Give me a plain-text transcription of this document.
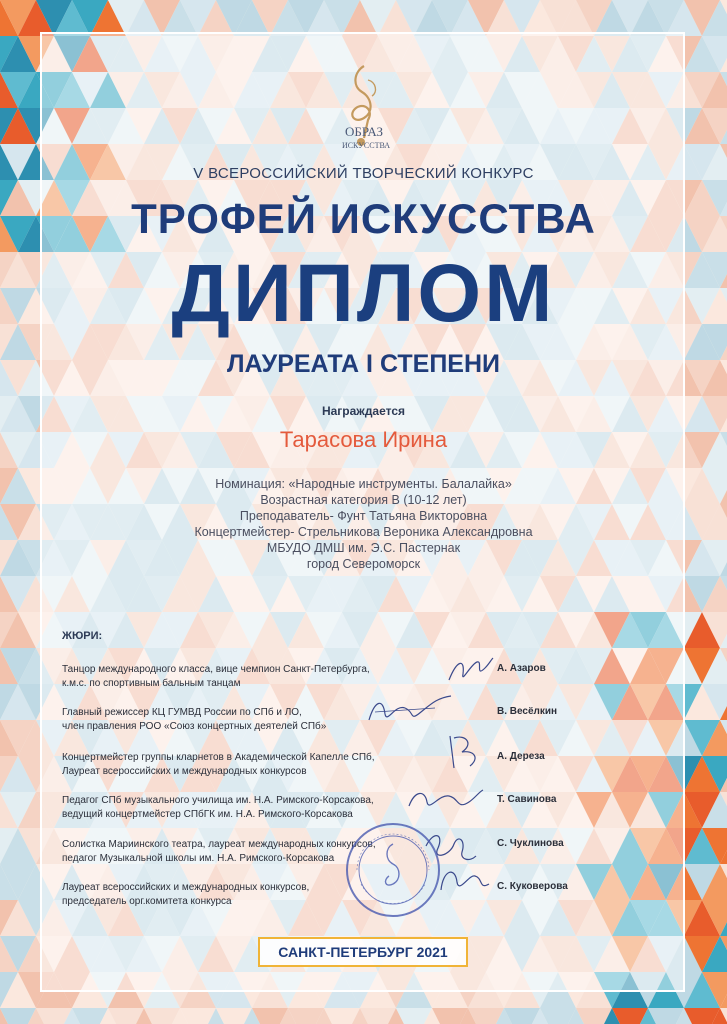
ОБРАЗ
ИСКУССТВА
V ВСЕРОССИЙСКИЙ ТВОРЧЕСКИЙ КОНКУРС
ТРОФЕЙ ИСКУССТВА
ДИПЛОМ
ЛАУРЕАТА I СТЕПЕНИ
Награждается
Тарасова Ирина
Номинация: «Народные инструменты. Балалайка»
Возрастная категория В (10-12 лет)
Преподаватель- Фунт Татьяна Викторовна
Концертмейстер- Стрельникова Вероника Александровна
МБУДО ДМШ им. Э.С. Пастернак
город Североморск
ЖЮРИ:
Танцор международного класса, вице чемпион Санкт-Петербурга,
к.м.с. по спортивным бальным танцам
А. Азаров
Главный режиссер КЦ ГУМВД России по СПб и ЛО,
член правления РОО «Союз концертных деятелей СПб»
В. Весёлкин
Концертмейстер группы кларнетов в Академической Капелле СПб,
Лауреат всероссийских и международных конкурсов
А. Дереза
Педагог СПб музыкального училища им. Н.А. Римского-Корсакова,
ведущий концертмейстер СПбГК им. Н.А. Римского-Корсакова
Т. Савинова
Солистка Мариинского театра, лауреат международных конкурсов,
педагог Музыкальной школы им. Н.А. Римского-Корсакова
С. Чуклинова
Лауреат всероссийских и международных конкурсов,
председатель орг.комитета конкурса
С. Куковерова
САНКТ-ПЕТЕРБУРГ 2021
